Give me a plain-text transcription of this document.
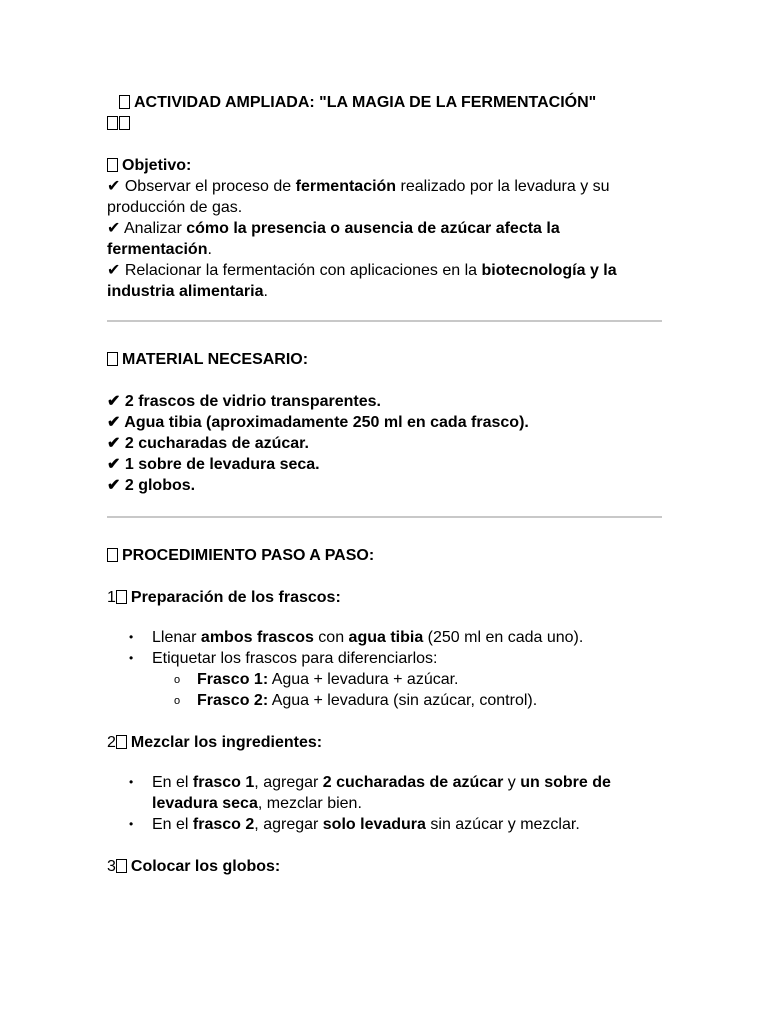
ACTIVIDAD AMPLIADA: "LA MAGIA DE LA FERMENTACIÓN"

Objetivo:

✔ Observar el proceso de fermentación realizado por la levadura y su producción de gas.

✔ Analizar cómo la presencia o ausencia de azúcar afecta la fermentación.

✔ Relacionar la fermentación con aplicaciones en la biotecnología y la industria alimentaria.

MATERIAL NECESARIO:

✔ 2 frascos de vidrio transparentes.

✔ Agua tibia (aproximadamente 250 ml en cada frasco).

✔ 2 cucharadas de azúcar.

✔ 1 sobre de levadura seca.

✔ 2 globos.

PROCEDIMIENTO PASO A PASO:

1 Preparación de los frascos:

• Llenar ambos frascos con agua tibia (250 ml en cada uno).
• Etiquetar los frascos para diferenciarlos:
o Frasco 1: Agua + levadura + azúcar.
o Frasco 2: Agua + levadura (sin azúcar, control).

2 Mezclar los ingredientes:

• En el frasco 1, agregar 2 cucharadas de azúcar y un sobre de levadura seca, mezclar bien.
• En el frasco 2, agregar solo levadura sin azúcar y mezclar.

3 Colocar los globos:
